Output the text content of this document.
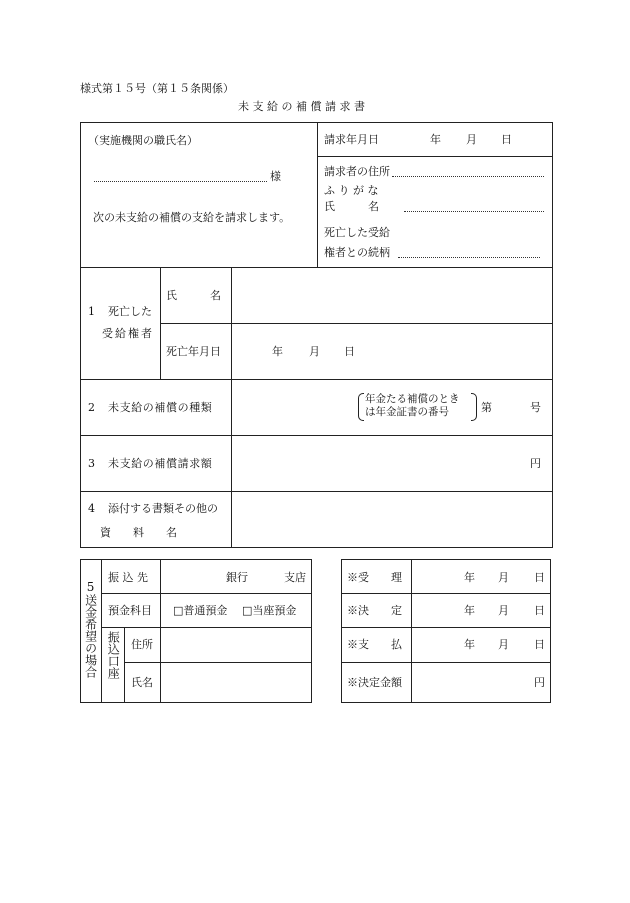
様式第１５号（第１５条関係）
未 支 給 の 補 償 請 求 書
（実施機関の職氏名）
様
次の未支給の補償の支給を請求します。
請求年月日	年 月 日
請求者の住所
ふ り が な
氏　　　名
死亡した受給
権者との続柄
1 死亡した
受給権者
氏　　　名
死亡年月日	年 月 日
2 未支給の補償の種類
年金たる補償のとき
は年金証書の番号	第	号
3 未支給の補償請求額	円
4 添付する書類その他の
資　　料　　名
5送金希望の場合
振 込 先	銀行	支店
預金科目 □普通預金 □当座預金
振込口座 住所
氏名
※受　　理	年 月 日
※決　　定	年 月 日
※支　　払	年 月 日
※決定金額	円
